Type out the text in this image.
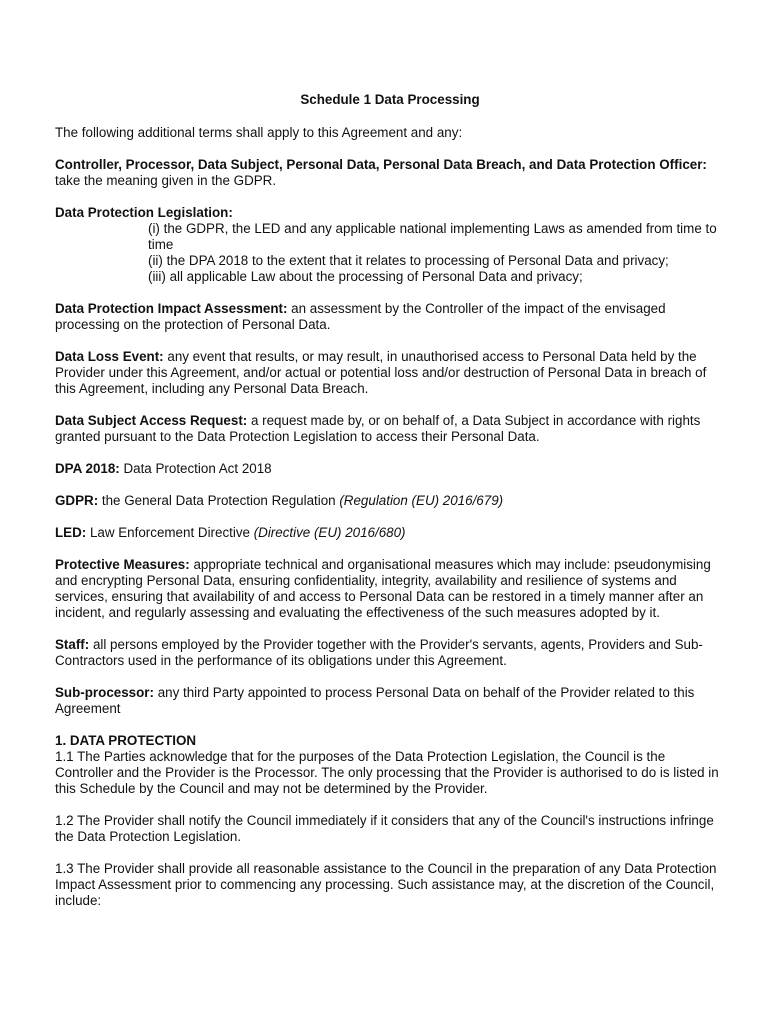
Schedule 1 Data Processing

The following additional terms shall apply to this Agreement and any:

Controller, Processor, Data Subject, Personal Data, Personal Data Breach, and Data Protection Officer: take the meaning given in the GDPR.

Data Protection Legislation:
(i) the GDPR, the LED and any applicable national implementing Laws as amended from time to time
(ii) the DPA 2018 to the extent that it relates to processing of Personal Data and privacy;
(iii) all applicable Law about the processing of Personal Data and privacy;

Data Protection Impact Assessment: an assessment by the Controller of the impact of the envisaged processing on the protection of Personal Data.

Data Loss Event: any event that results, or may result, in unauthorised access to Personal Data held by the Provider under this Agreement, and/or actual or potential loss and/or destruction of Personal Data in breach of this Agreement, including any Personal Data Breach.

Data Subject Access Request: a request made by, or on behalf of, a Data Subject in accordance with rights granted pursuant to the Data Protection Legislation to access their Personal Data.

DPA 2018: Data Protection Act 2018

GDPR: the General Data Protection Regulation (Regulation (EU) 2016/679)

LED: Law Enforcement Directive (Directive (EU) 2016/680)

Protective Measures: appropriate technical and organisational measures which may include: pseudonymising and encrypting Personal Data, ensuring confidentiality, integrity, availability and resilience of systems and services, ensuring that availability of and access to Personal Data can be restored in a timely manner after an incident, and regularly assessing and evaluating the effectiveness of the such measures adopted by it.

Staff: all persons employed by the Provider together with the Provider's servants, agents, Providers and Sub-Contractors used in the performance of its obligations under this Agreement.

Sub-processor: any third Party appointed to process Personal Data on behalf of the Provider related to this Agreement

1. DATA PROTECTION
1.1 The Parties acknowledge that for the purposes of the Data Protection Legislation, the Council is the Controller and the Provider is the Processor. The only processing that the Provider is authorised to do is listed in this Schedule by the Council and may not be determined by the Provider.

1.2 The Provider shall notify the Council immediately if it considers that any of the Council's instructions infringe the Data Protection Legislation.

1.3 The Provider shall provide all reasonable assistance to the Council in the preparation of any Data Protection Impact Assessment prior to commencing any processing. Such assistance may, at the discretion of the Council, include:
